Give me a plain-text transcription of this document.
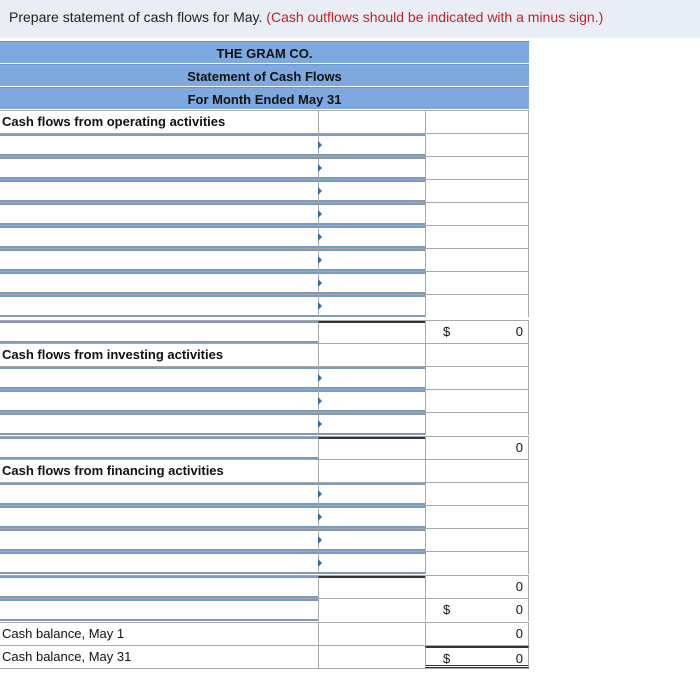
Prepare statement of cash flows for May. (Cash outflows should be indicated with a minus sign.)
THE GRAM CO.
Statement of Cash Flows
For Month Ended May 31
Cash flows from operating activities
$	0
Cash flows from investing activities
0
Cash flows from financing activities
0
$	0
Cash balance, May 1	0
Cash balance, May 31	$	0
